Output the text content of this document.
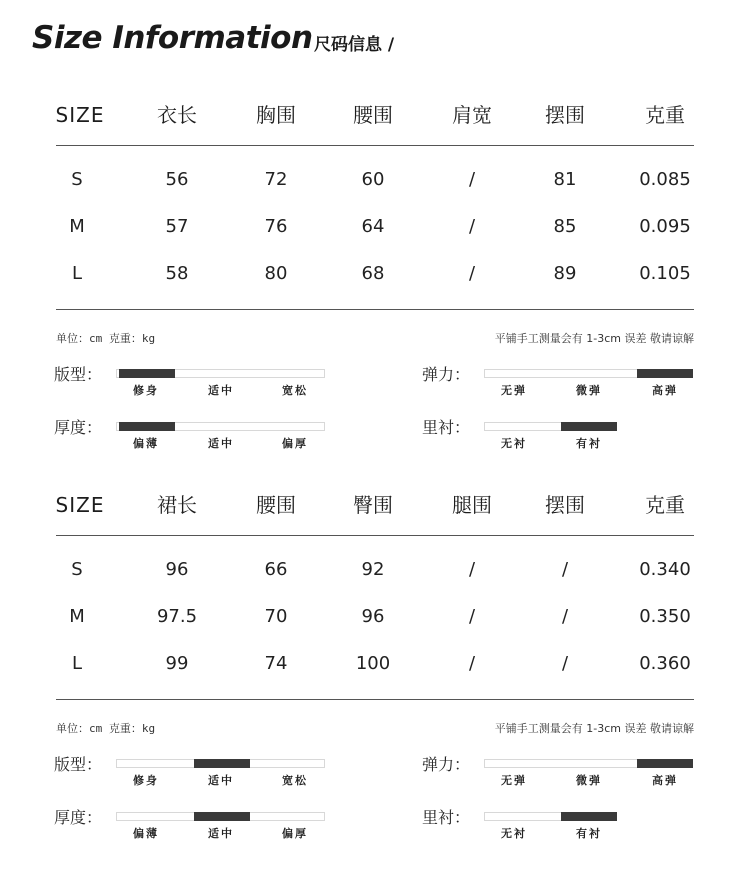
Size Information 尺码信息 /
SIZE	衣长	胸围	腰围	肩宽	摆围	克重
S	56	72	60	/	81	0.085
M	57	76	64	/	85	0.095
L	58	80	68	/	89	0.105
单位：cm 克重：kg	平铺手工测量会有 1-3cm 误差 敬请谅解
版型：
修身	适中	宽松
弹力：
无弹	微弹	高弹
厚度：
偏薄	适中	偏厚
里衬：
无衬	有衬
SIZE	裙长	腰围	臀围	腿围	摆围	克重
S	96	66	92	/	/	0.340
M	97.5	70	96	/	/	0.350
L	99	74	100	/	/	0.360
单位：cm 克重：kg	平铺手工测量会有 1-3cm 误差 敬请谅解
版型：
修身	适中	宽松
弹力：
无弹	微弹	高弹
厚度：
偏薄	适中	偏厚
里衬：
无衬	有衬
